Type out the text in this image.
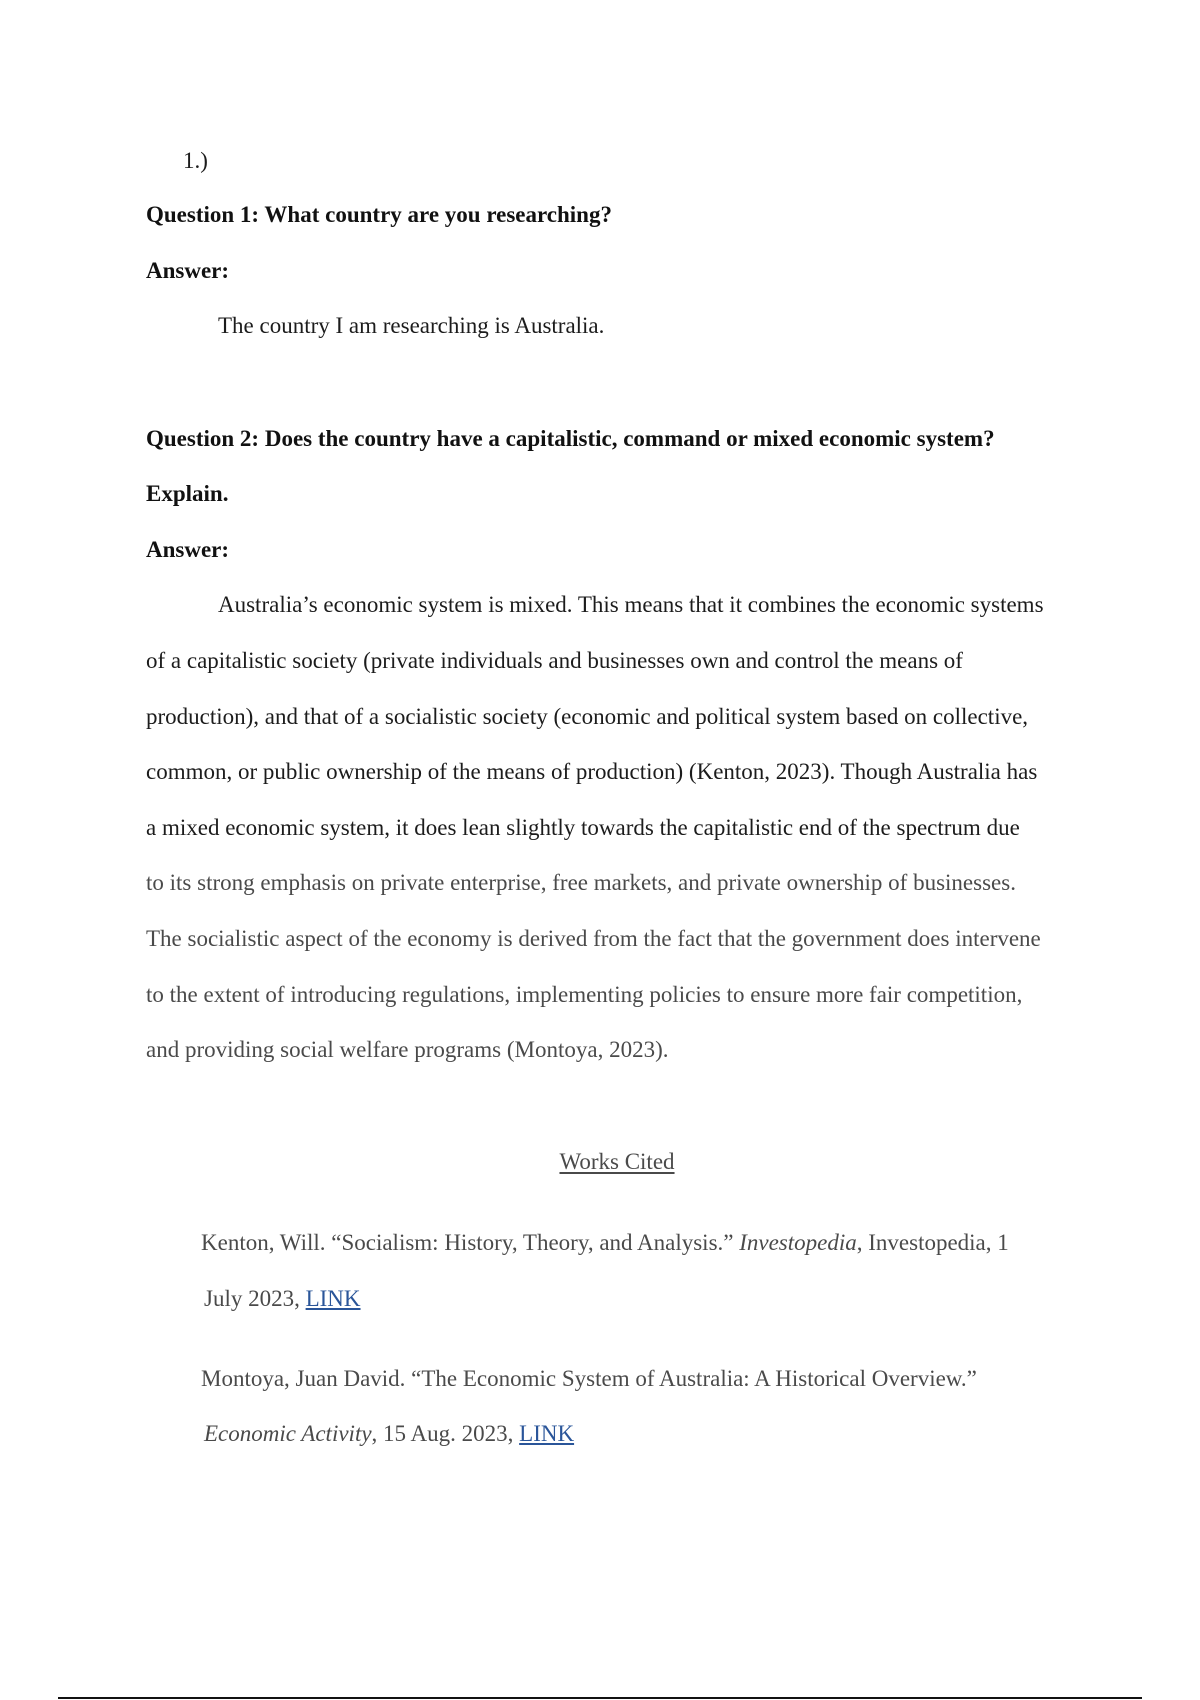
1.)
Question 1: What country are you researching?
Answer:
The country I am researching is Australia.
Question 2: Does the country have a capitalistic, command or mixed economic system?
Explain.
Answer:
Australia’s economic system is mixed. This means that it combines the economic systems
of a capitalistic society (private individuals and businesses own and control the means of
production), and that of a socialistic society (economic and political system based on collective,
common, or public ownership of the means of production) (Kenton, 2023). Though Australia has
a mixed economic system, it does lean slightly towards the capitalistic end of the spectrum due
to its strong emphasis on private enterprise, free markets, and private ownership of businesses.
The socialistic aspect of the economy is derived from the fact that the government does intervene
to the extent of introducing regulations, implementing policies to ensure more fair competition,
and providing social welfare programs (Montoya, 2023).
Works Cited
Kenton, Will. “Socialism: History, Theory, and Analysis.” Investopedia, Investopedia, 1
July 2023, LINK
Montoya, Juan David. “The Economic System of Australia: A Historical Overview.”
Economic Activity, 15 Aug. 2023, LINK
